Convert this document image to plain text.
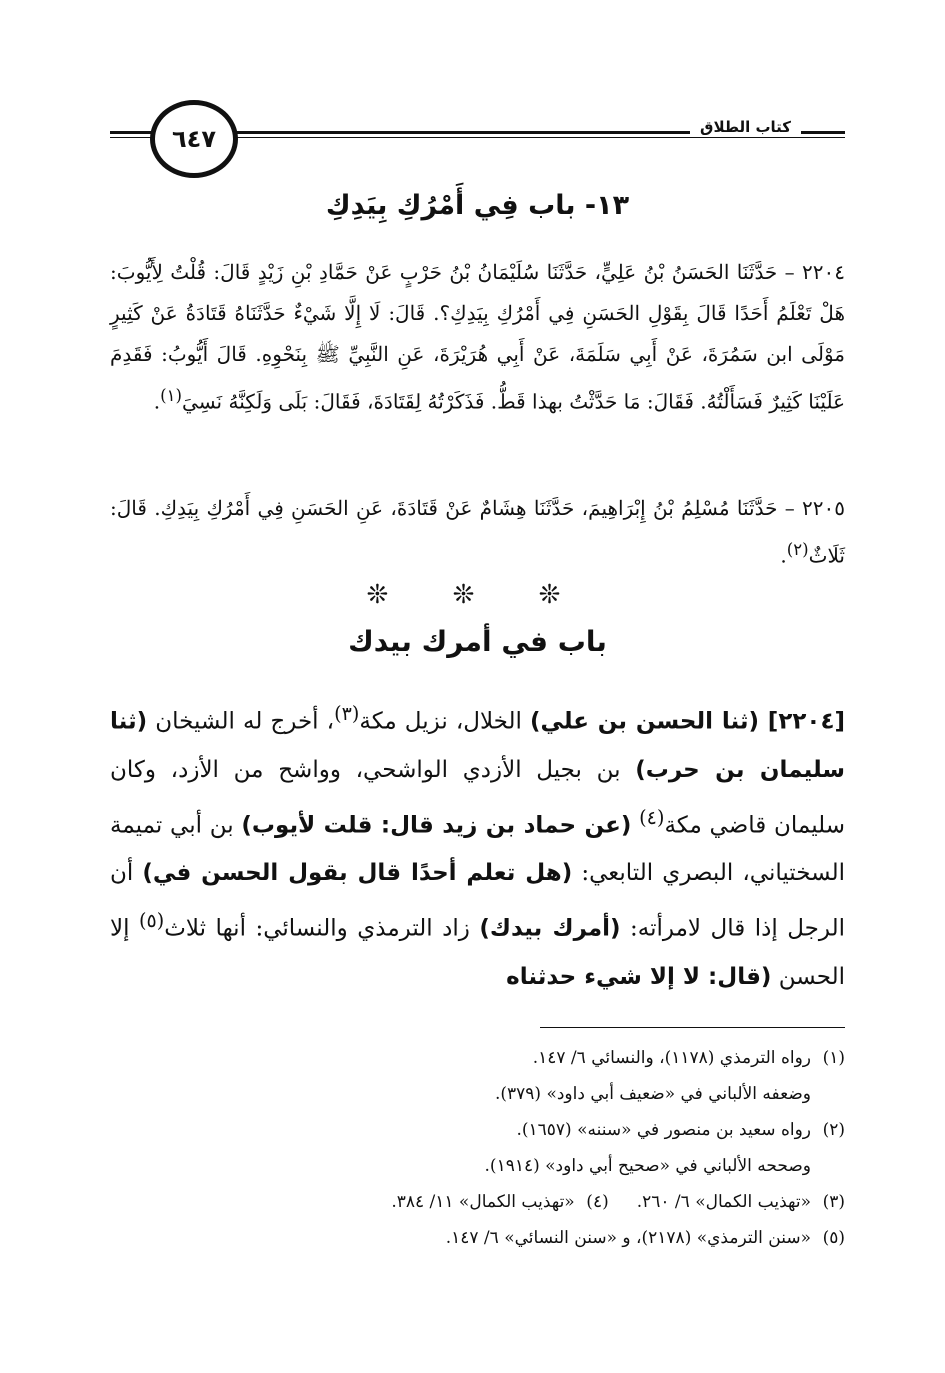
٦٤٧	كتاب الطلاق
١٣- باب فِي أَمْرُكِ بِيَدِكِ
٢٢٠٤ – حَدَّثَنَا الحَسَنُ بْنُ عَلِيٍّ، حَدَّثَنَا سُلَيْمَانُ بْنُ حَرْبٍ عَنْ حَمَّادِ بْنِ زَيْدٍ قَالَ: قُلْتُ لِأَيُّوبَ: هَلْ تَعْلَمُ أَحَدًا قَالَ بِقَوْلِ الحَسَنِ فِي أَمْرُكِ بِيَدِكِ؟. قَالَ: لَا إِلَّا شَيْءٌ حَدَّثَنَاهُ قَتَادَةُ عَنْ كَثِيرٍ مَوْلَى ابن سَمُرَةَ، عَنْ أَبِي سَلَمَةَ، عَنْ أَبِي هُرَيْرَةَ، عَنِ النَّبِيِّ ﷺ بِنَحْوِهِ. قَالَ أَيُّوبُ: فَقَدِمَ عَلَيْنَا كَثِيرٌ فَسَأَلْتُهُ. فَقَالَ: مَا حَدَّثْتُ بهذا قَطُّ. فَذَكَرْتُهُ لِقَتَادَةَ، فَقَالَ: بَلَى وَلَكِنَّهُ نَسِيَ$^{(١)}$.
٢٢٠٥ – حَدَّثَنَا مُسْلِمُ بْنُ إِبْرَاهِيمَ، حَدَّثَنَا هِشَامٌ عَنْ قَتَادَةَ، عَنِ الحَسَنِ فِي أَمْرُكِ بِيَدِكِ. قَالَ: ثَلَاثٌ$^{(٢)}$.
❊ ❊ ❊
باب في أمرك بيدك
[٢٢٠٤] (ثنا الحسن بن علي) الخلال، نزيل مكة$^{(٣)}$، أخرج له الشيخان (ثنا سليمان بن حرب) بن بجيل الأزدي الواشحي، وواشح من الأزد، وكان سليمان قاضي مكة$^{(٤)}$ (عن حماد بن زيد قال: قلت لأيوب) بن أبي تميمة السختياني، البصري التابعي: (هل تعلم أحدًا قال بقول الحسن في) أن الرجل إذا قال لامرأته: (أمرك بيدك) زاد الترمذي والنسائي: أنها ثلاث$^{(٥)}$ إلا الحسن (قال: لا إلا شيء حدثناه
(١)
رواه الترمذي (١١٧٨)، والنسائي ٦/ ١٤٧.
وضعفه الألباني في «ضعيف أبي داود» (٣٧٩).
(٢)
رواه سعيد بن منصور في «سننه» (١٦٥٧).
وصححه الألباني في «صحيح أبي داود» (١٩١٤).
(٣)
«تهذيب الكمال» ٦/ ٢٦٠.
(٤)
«تهذيب الكمال» ١١/ ٣٨٤.
(٥)
«سنن الترمذي» (٢١٧٨)، و «سنن النسائي» ٦/ ١٤٧.
